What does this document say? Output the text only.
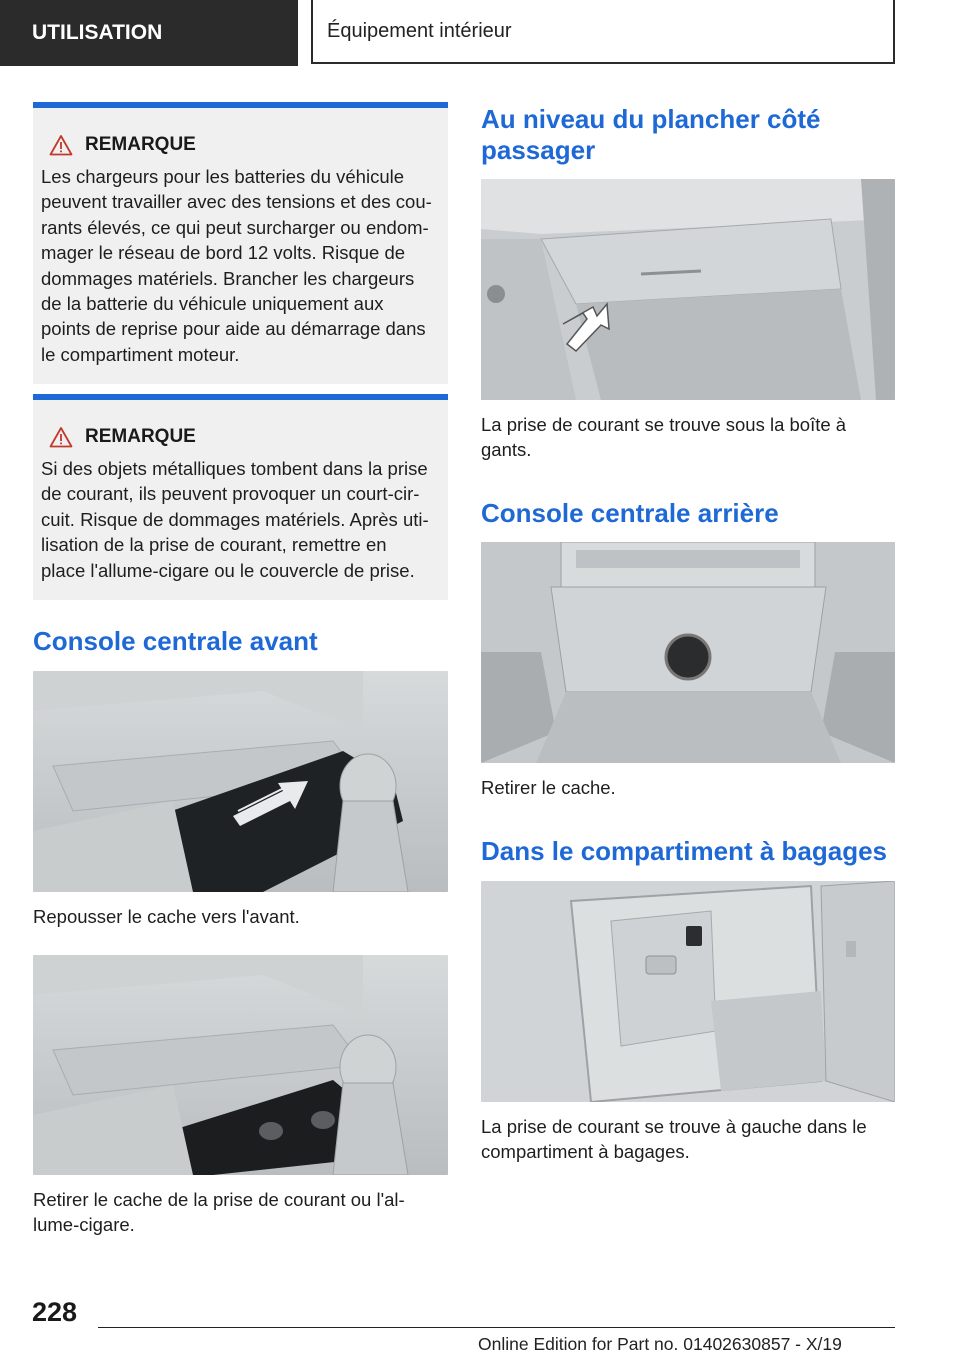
UTILISATION	Équipement intérieur
REMARQUE
Les chargeurs pour les batteries du véhicule
peuvent travailler avec des tensions et des cou-
rants élevés, ce qui peut surcharger ou endom-
mager le réseau de bord 12 volts. Risque de
dommages matériels. Brancher les chargeurs
de la batterie du véhicule uniquement aux
points de reprise pour aide au démarrage dans
le compartiment moteur.
REMARQUE
Si des objets métalliques tombent dans la prise
de courant, ils peuvent provoquer un court-cir-
cuit. Risque de dommages matériels. Après uti-
lisation de la prise de courant, remettre en
place l'allume-cigare ou le couvercle de prise.
Console centrale avant
Repousser le cache vers l'avant.
Retirer le cache de la prise de courant ou l'al-
lume-cigare.
Au niveau du plancher côté
passager
La prise de courant se trouve sous la boîte à
gants.
Console centrale arrière
Retirer le cache.
Dans le compartiment à bagages
La prise de courant se trouve à gauche dans le
compartiment à bagages.
228
Online Edition for Part no. 01402630857 - X/19
